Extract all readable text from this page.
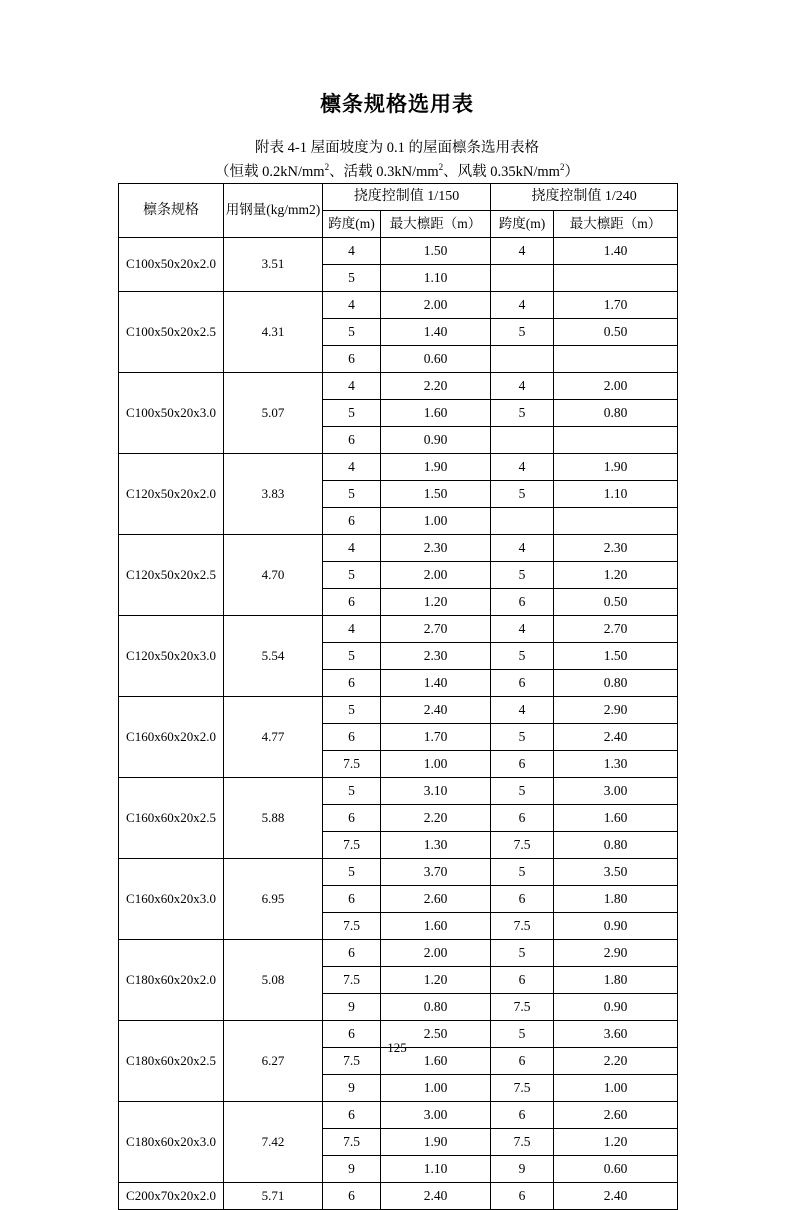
檩条规格选用表
附表 4-1 屋面坡度为 0.1 的屋面檩条选用表格
（恒载 $0.2kN/mm^2$、活载 $0.3kN/mm^2$、风载 $0.35kN/mm^2$）
檩条规格	用钢量(kg/mm2)	挠度控制值 1/150		挠度控制值 1/240	
		跨度(m)	最大檩距（m）	跨度(m)	最大檩距（m）
C100x50x20x2.0	3.51	4	1.50	4	1.40
		5	1.10		
C100x50x20x2.5	4.31	4	2.00	4	1.70
		5	1.40	5	0.50
		6	0.60		
C100x50x20x3.0	5.07	4	2.20	4	2.00
		5	1.60	5	0.80
		6	0.90		
C120x50x20x2.0	3.83	4	1.90	4	1.90
		5	1.50	5	1.10
		6	1.00		
C120x50x20x2.5	4.70	4	2.30	4	2.30
		5	2.00	5	1.20
		6	1.20	6	0.50
C120x50x20x3.0	5.54	4	2.70	4	2.70
		5	2.30	5	1.50
		6	1.40	6	0.80
C160x60x20x2.0	4.77	5	2.40	4	2.90
		6	1.70	5	2.40
		7.5	1.00	6	1.30
C160x60x20x2.5	5.88	5	3.10	5	3.00
		6	2.20	6	1.60
		7.5	1.30	7.5	0.80
C160x60x20x3.0	6.95	5	3.70	5	3.50
		6	2.60	6	1.80
		7.5	1.60	7.5	0.90
C180x60x20x2.0	5.08	6	2.00	5	2.90
		7.5	1.20	6	1.80
		9	0.80	7.5	0.90
C180x60x20x2.5	6.27	6	2.50	5	3.60
		7.5	1.60	6	2.20
		9	1.00	7.5	1.00
C180x60x20x3.0	7.42	6	3.00	6	2.60
		7.5	1.90	7.5	1.20
		9	1.10	9	0.60
C200x70x20x2.0	5.71	6	2.40	6	2.40
125
